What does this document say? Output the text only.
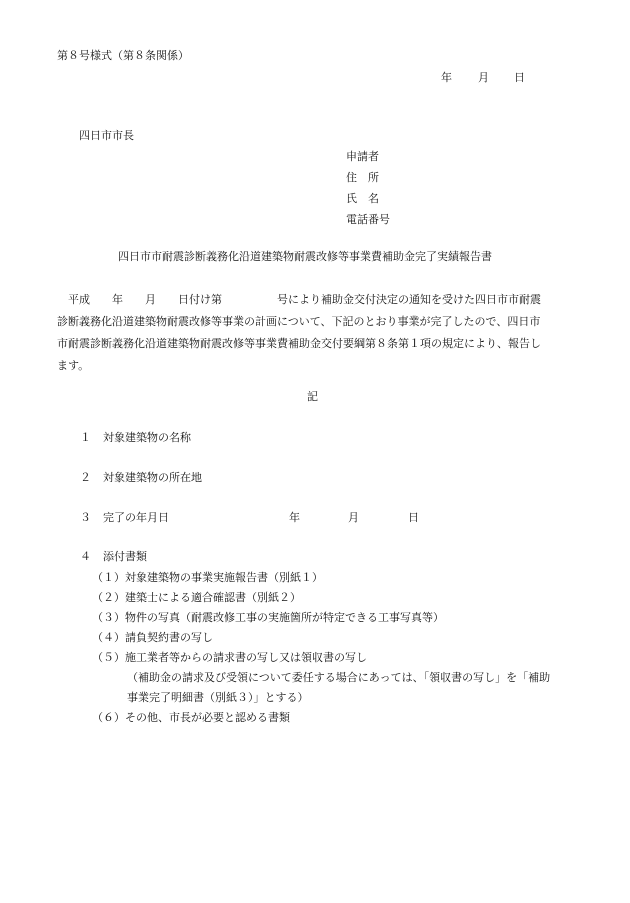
第８号様式（第８条関係）
年 月 日
四日市市長
申請者
住　所
氏　名
電話番号
四日市市耐震診断義務化沿道建築物耐震改修等事業費補助金完了実績報告書
　平成　　年　　月　　日付け第　　　　　号により補助金交付決定の通知を受けた四日市市耐震
診断義務化沿道建築物耐震改修等事業の計画について、下記のとおり事業が完了したので、四日市
市耐震診断義務化沿道建築物耐震改修等事業費補助金交付要綱第８条第１項の規定により、報告し
ます。
記
１ 対象建築物の名称
２ 対象建築物の所在地
３ 完了の年月日	年	月	日
４ 添付書類
（１）対象建築物の事業実施報告書（別紙１）
（２）建築士による適合確認書（別紙２）
（３）物件の写真（耐震改修工事の実施箇所が特定できる工事写真等）
（４）請負契約書の写し
（５）施工業者等からの請求書の写し又は領収書の写し
（補助金の請求及び受領について委任する場合にあっては、「領収書の写し」を「補助
事業完了明細書（別紙３）」とする）
（６）その他、市長が必要と認める書類
